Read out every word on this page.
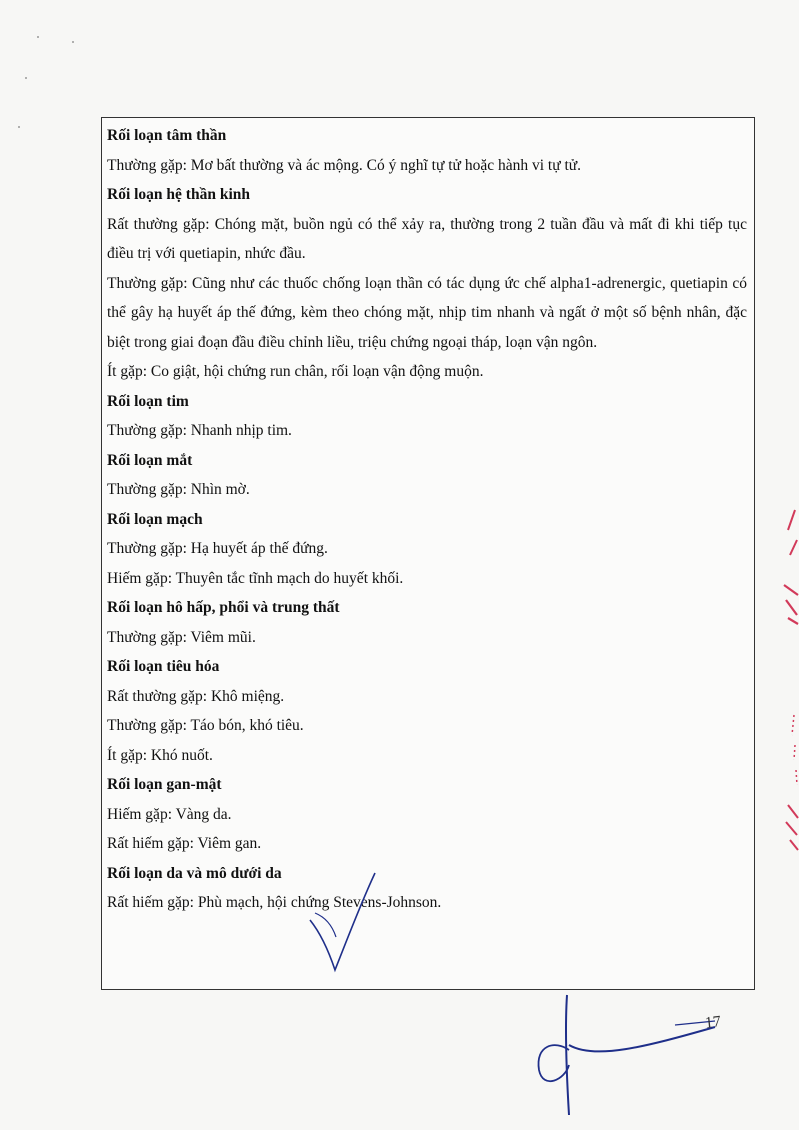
Rối loạn tâm thần

Thường gặp: Mơ bất thường và ác mộng. Có ý nghĩ tự tử hoặc hành vi tự tử.

Rối loạn hệ thần kinh

Rất thường gặp: Chóng mặt, buồn ngủ có thể xảy ra, thường trong 2 tuần đầu và mất đi khi tiếp tục điều trị với quetiapin, nhức đầu.

Thường gặp: Cũng như các thuốc chống loạn thần có tác dụng ức chế alpha1-adrenergic, quetiapin có thể gây hạ huyết áp thế đứng, kèm theo chóng mặt, nhịp tim nhanh và ngất ở một số bệnh nhân, đặc biệt trong giai đoạn đầu điều chỉnh liều, triệu chứng ngoại tháp, loạn vận ngôn.

Ít gặp: Co giật, hội chứng run chân, rối loạn vận động muộn.

Rối loạn tim

Thường gặp: Nhanh nhịp tim.

Rối loạn mắt

Thường gặp: Nhìn mờ.

Rối loạn mạch

Thường gặp: Hạ huyết áp thế đứng.

Hiếm gặp: Thuyên tắc tĩnh mạch do huyết khối.

Rối loạn hô hấp, phổi và trung thất

Thường gặp: Viêm mũi.

Rối loạn tiêu hóa

Rất thường gặp: Khô miệng.

Thường gặp: Táo bón, khó tiêu.

Ít gặp: Khó nuốt.

Rối loạn gan-mật

Hiếm gặp: Vàng da.

Rất hiếm gặp: Viêm gan.

Rối loạn da và mô dưới da

Rất hiếm gặp: Phù mạch, hội chứng Stevens-Johnson.

17
